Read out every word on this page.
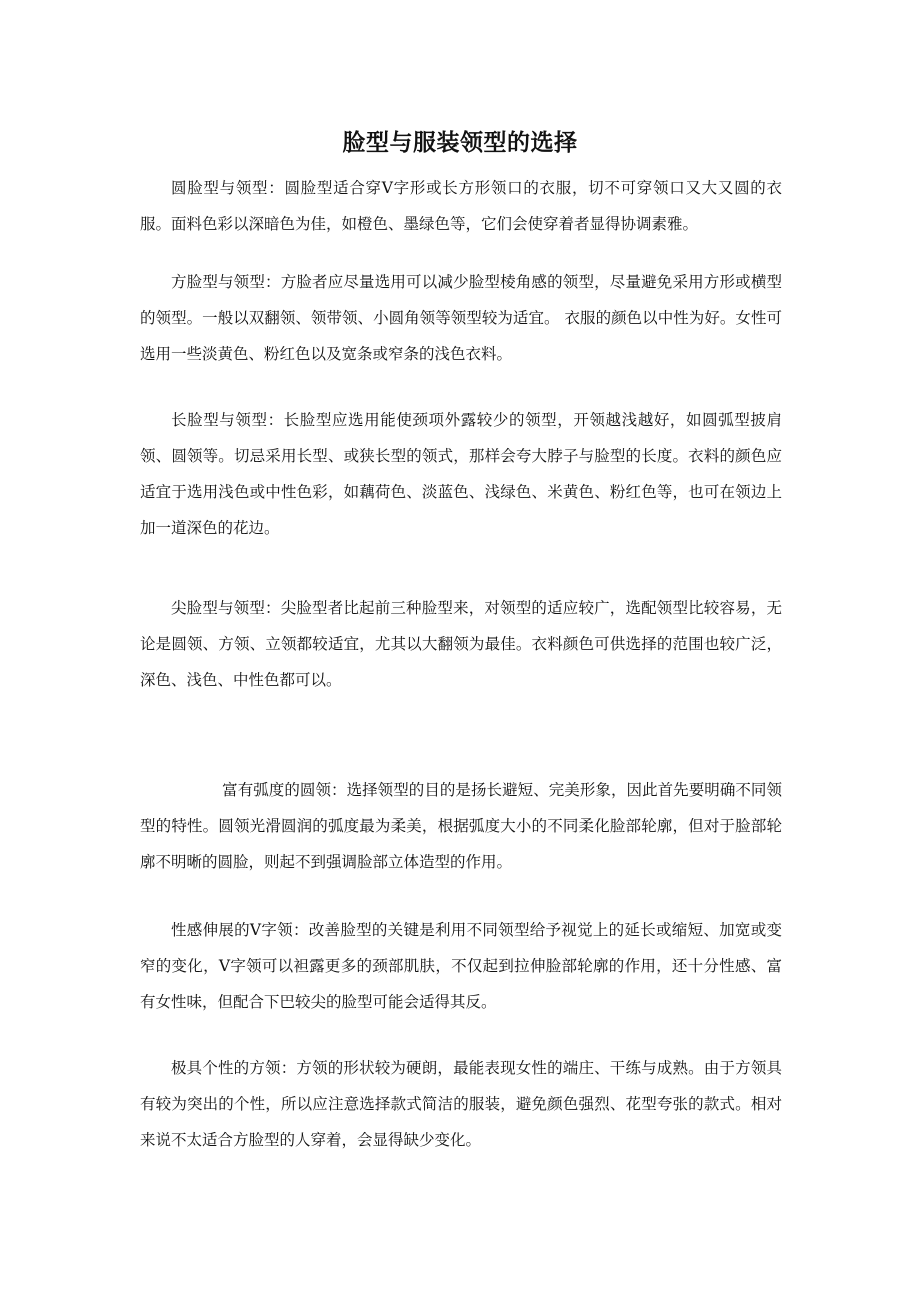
脸型与服装领型的选择

圆脸型与领型：圆脸型适合穿V字形或长方形领口的衣服，切不可穿领口又大又圆的衣服。面料色彩以深暗色为佳，如橙色、墨绿色等，它们会使穿着者显得协调素雅。

方脸型与领型：方脸者应尽量选用可以减少脸型棱角感的领型，尽量避免采用方形或横型的领型。一般以双翻领、领带领、小圆角领等领型较为适宜。 衣服的颜色以中性为好。女性可选用一些淡黄色、粉红色以及宽条或窄条的浅色衣料。

长脸型与领型：长脸型应选用能使颈项外露较少的领型，开领越浅越好，如圆弧型披肩领、圆领等。切忌采用长型、或狭长型的领式，那样会夸大脖子与脸型的长度。衣料的颜色应适宜于选用浅色或中性色彩，如藕荷色、淡蓝色、浅绿色、米黄色、粉红色等，也可在领边上加一道深色的花边。

尖脸型与领型：尖脸型者比起前三种脸型来，对领型的适应较广，选配领型比较容易，无论是圆领、方领、立领都较适宜，尤其以大翻领为最佳。衣料颜色可供选择的范围也较广泛，深色、浅色、中性色都可以。

富有弧度的圆领：选择领型的目的是扬长避短、完美形象，因此首先要明确不同领型的特性。圆领光滑圆润的弧度最为柔美，根据弧度大小的不同柔化脸部轮廓，但对于脸部轮廓不明晰的圆脸，则起不到强调脸部立体造型的作用。

性感伸展的V字领：改善脸型的关键是利用不同领型给予视觉上的延长或缩短、加宽或变窄的变化，V字领可以袒露更多的颈部肌肤，不仅起到拉伸脸部轮廓的作用，还十分性感、富有女性味，但配合下巴较尖的脸型可能会适得其反。

极具个性的方领：方领的形状较为硬朗，最能表现女性的端庄、干练与成熟。由于方领具有较为突出的个性，所以应注意选择款式简洁的服装，避免颜色强烈、花型夸张的款式。相对来说不太适合方脸型的人穿着，会显得缺少变化。
